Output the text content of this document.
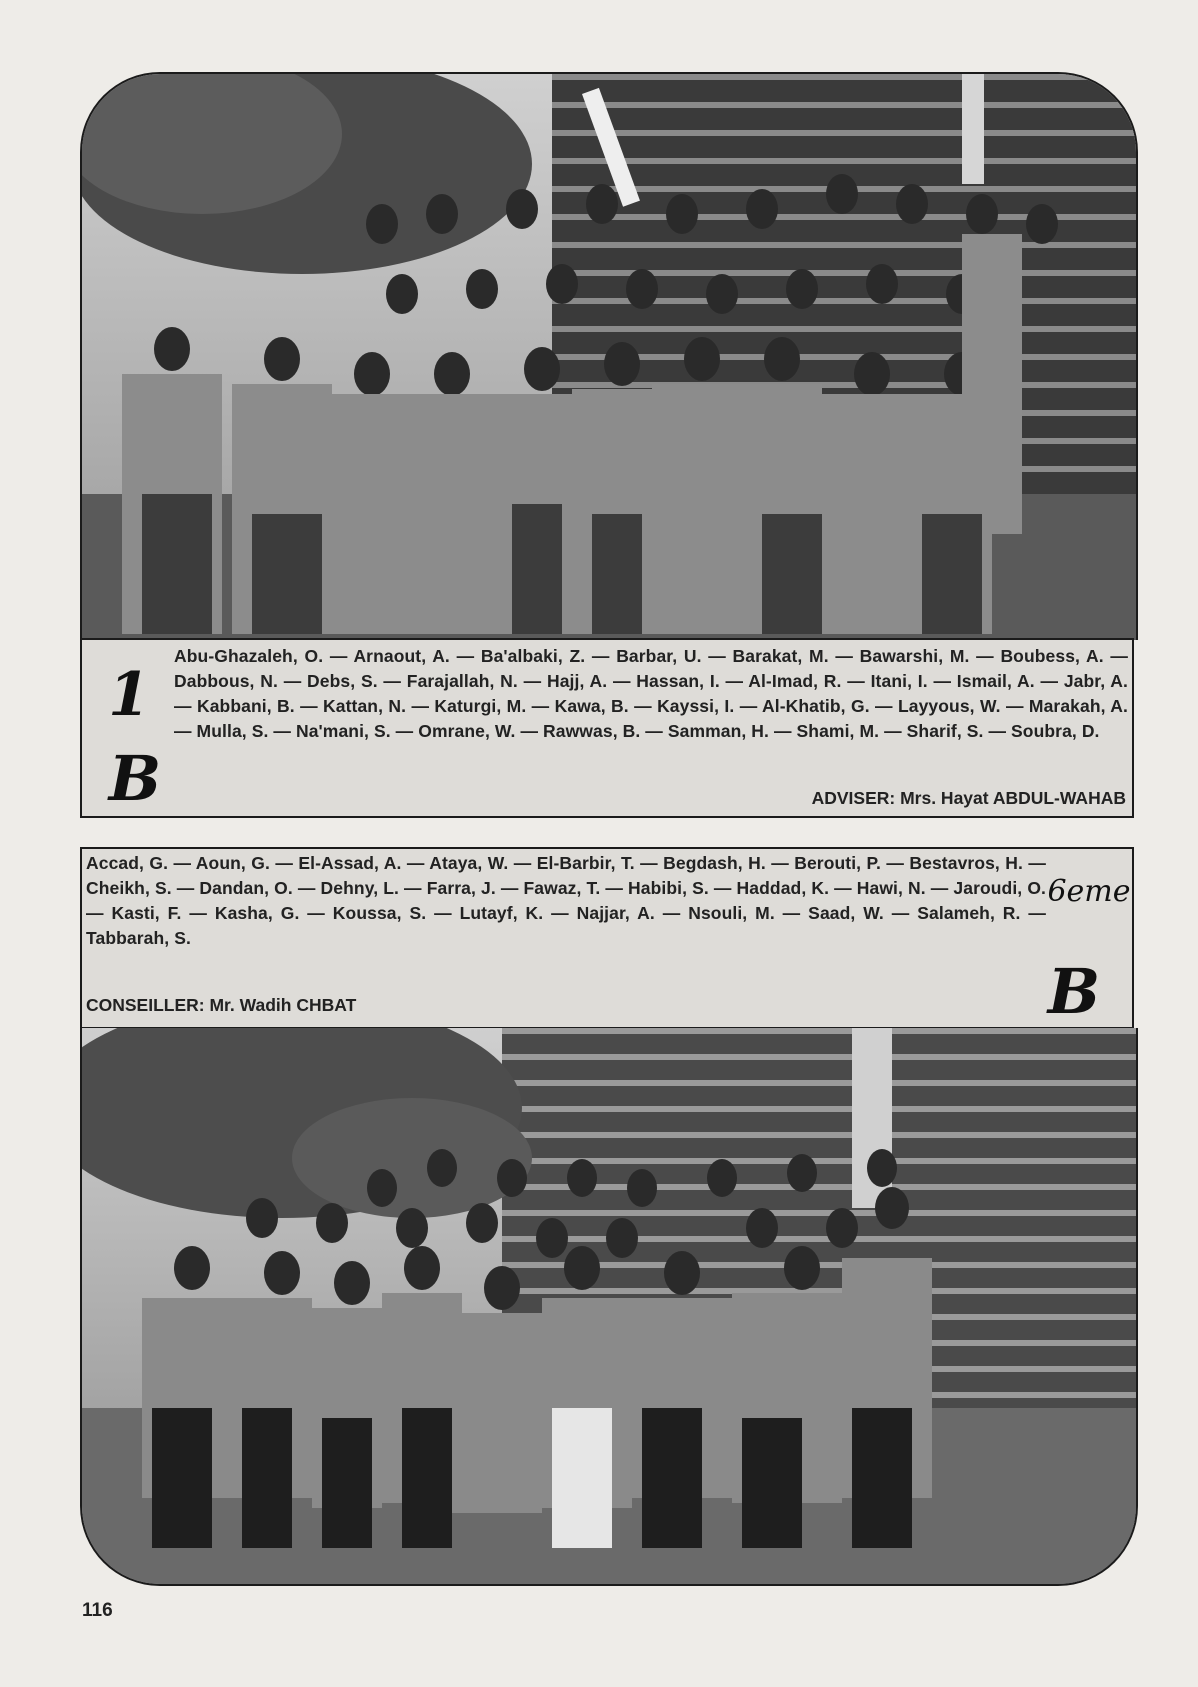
1
B
Abu-Ghazaleh, O. — Arnaout, A. — Ba'albaki, Z. — Barbar, U. — Barakat, M. — Bawarshi, M. — Boubess, A. — Dabbous, N. — Debs, S. — Farajallah, N. — Hajj, A. — Hassan, I. — Al-Imad, R. — Itani, I. — Ismail, A. — Jabr, A. — Kabbani, B. — Kattan, N. — Katurgi, M. — Kawa, B. — Kayssi, I. — Al-Khatib, G. — Layyous, W. — Marakah, A. — Mulla, S. — Na'mani, S. — Omrane, W. — Rawwas, B. — Samman, H. — Shami, M. — Sharif, S. — Soubra, D.
ADVISER: Mrs. Hayat ABDUL-WAHAB
Accad, G. — Aoun, G. — El-Assad, A. — Ataya, W. — El-Barbir, T. — Begdash, H. — Berouti, P. — Bestavros, H. — Cheikh, S. — Dandan, O. — Dehny, L. — Farra, J. — Fawaz, T. — Habibi, S. — Haddad, K. — Hawi, N. — Jaroudi, O. — Kasti, F. — Kasha, G. — Koussa, S. — Lutayf, K. — Najjar, A. — Nsouli, M. — Saad, W. — Salameh, R. — Tabbarah, S.
6eme
B
CONSEILLER: Mr. Wadih CHBAT
116
